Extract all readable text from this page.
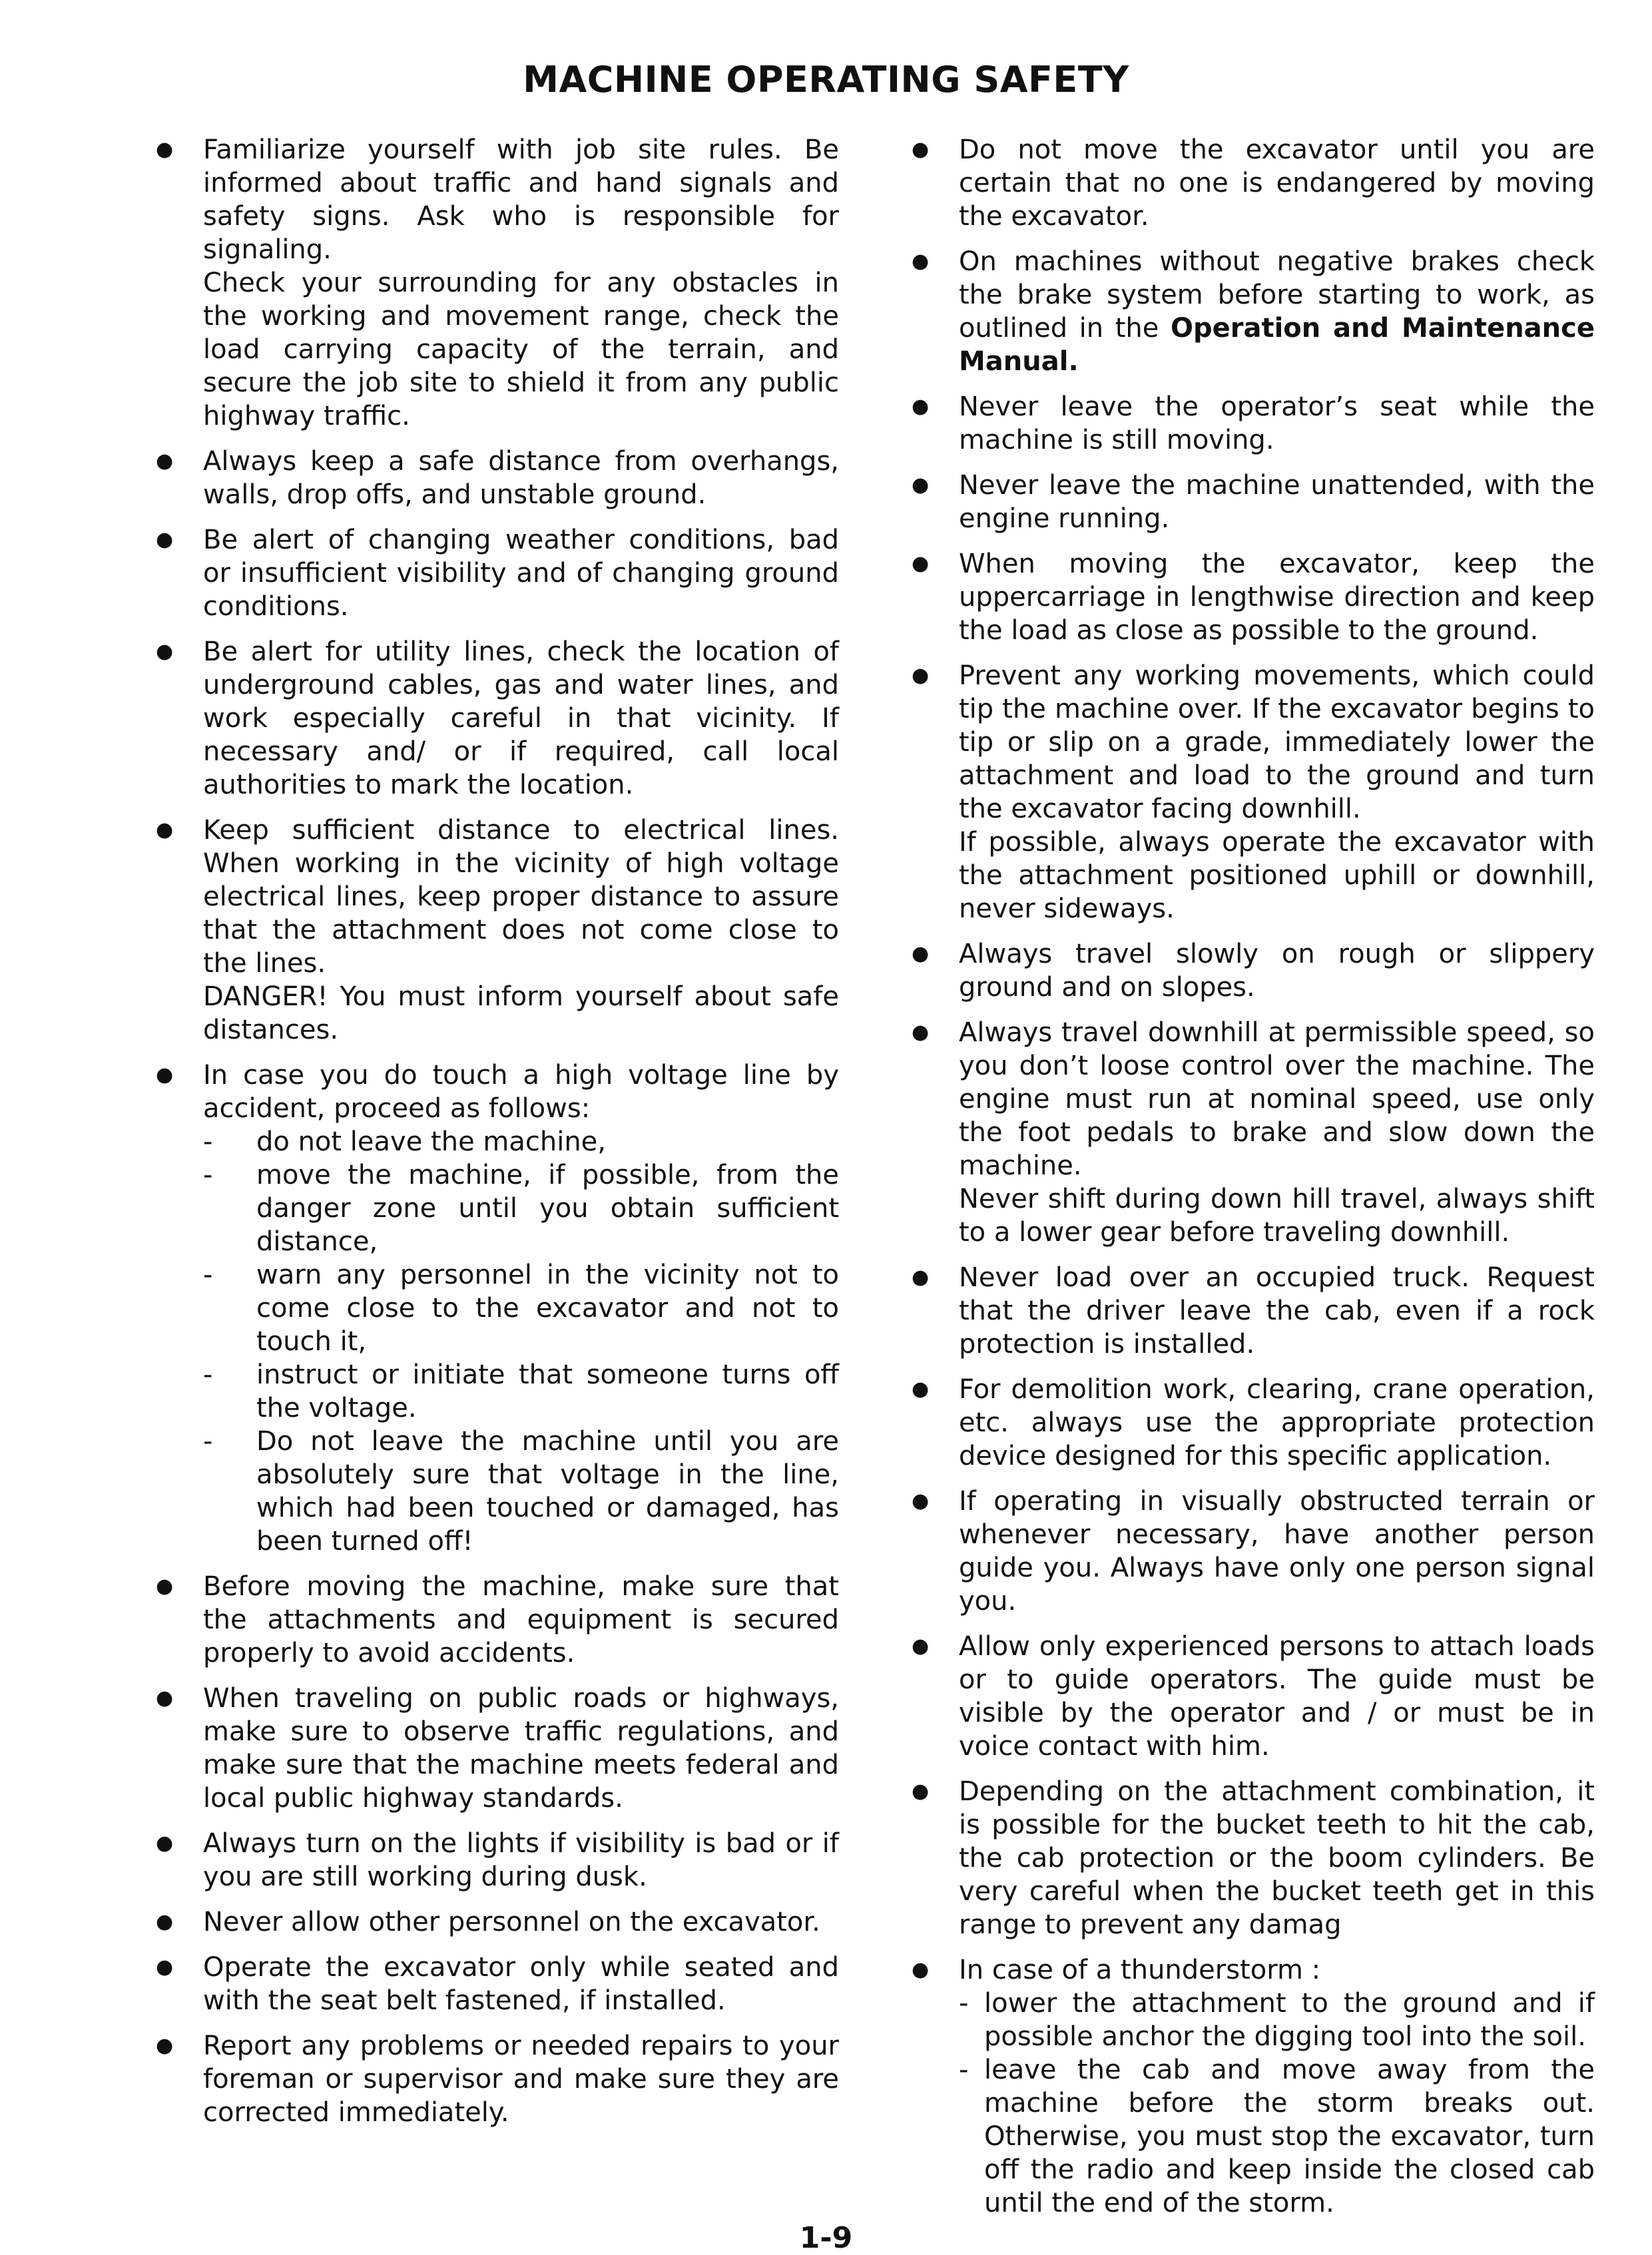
MACHINE OPERATING SAFETY
● Familiarize yourself with job site rules. Be informed about traffic and hand signals and safety signs. Ask who is responsible for signaling.
Check your surrounding for any obstacles in the working and movement range, check the load carrying capacity of the terrain, and secure the job site to shield it from any public highway traffic.
● Always keep a safe distance from overhangs, walls, drop offs, and unstable ground.
● Be alert of changing weather conditions, bad or insufficient visibility and of changing ground conditions.
● Be alert for utility lines, check the location of underground cables, gas and water lines, and work especially careful in that vicinity. If necessary and/ or if required, call local authorities to mark the location.
● Keep sufficient distance to electrical lines. When working in the vicinity of high voltage electrical lines, keep proper distance to assure that the attachment does not come close to the lines.
DANGER! You must inform yourself about safe distances.
● In case you do touch a high voltage line by accident, proceed as follows:
- do not leave the machine,
- move the machine, if possible, from the danger zone until you obtain sufficient distance,
- warn any personnel in the vicinity not to come close to the excavator and not to touch it,
- instruct or initiate that someone turns off the voltage.
- Do not leave the machine until you are absolutely sure that voltage in the line, which had been touched or damaged, has been turned off!
● Before moving the machine, make sure that the attachments and equipment is secured properly to avoid accidents.
● When traveling on public roads or highways, make sure to observe traffic regulations, and make sure that the machine meets federal and local public highway standards.
● Always turn on the lights if visibility is bad or if you are still working during dusk.
● Never allow other personnel on the excavator.
● Operate the excavator only while seated and with the seat belt fastened, if installed.
● Report any problems or needed repairs to your foreman or supervisor and make sure they are corrected immediately.
● Do not move the excavator until you are certain that no one is endangered by moving the excavator.
● On machines without negative brakes check the brake system before starting to work, as outlined in the Operation and Maintenance Manual.
● Never leave the operator’s seat while the machine is still moving.
● Never leave the machine unattended, with the engine running.
● When moving the excavator, keep the uppercarriage in lengthwise direction and keep the load as close as possible to the ground.
● Prevent any working movements, which could tip the machine over. If the excavator begins to tip or slip on a grade, immediately lower the attachment and load to the ground and turn the excavator facing downhill.
If possible, always operate the excavator with the attachment positioned uphill or downhill, never sideways.
● Always travel slowly on rough or slippery ground and on slopes.
● Always travel downhill at permissible speed, so you don’t loose control over the machine. The engine must run at nominal speed, use only the foot pedals to brake and slow down the machine.
Never shift during down hill travel, always shift to a lower gear before traveling downhill.
● Never load over an occupied truck. Request that the driver leave the cab, even if a rock protection is installed.
● For demolition work, clearing, crane operation, etc. always use the appropriate protection device designed for this specific application.
● If operating in visually obstructed terrain or whenever necessary, have another person guide you. Always have only one person signal you.
● Allow only experienced persons to attach loads or to guide operators. The guide must be visible by the operator and / or must be in voice contact with him.
● Depending on the attachment combination, it is possible for the bucket teeth to hit the cab, the cab protection or the boom cylinders. Be very careful when the bucket teeth get in this range to prevent any damag
● In case of a thunderstorm :
- lower the attachment to the ground and if possible anchor the digging tool into the soil.
- leave the cab and move away from the machine before the storm breaks out. Otherwise, you must stop the excavator, turn off the radio and keep inside the closed cab until the end of the storm.
1-9
